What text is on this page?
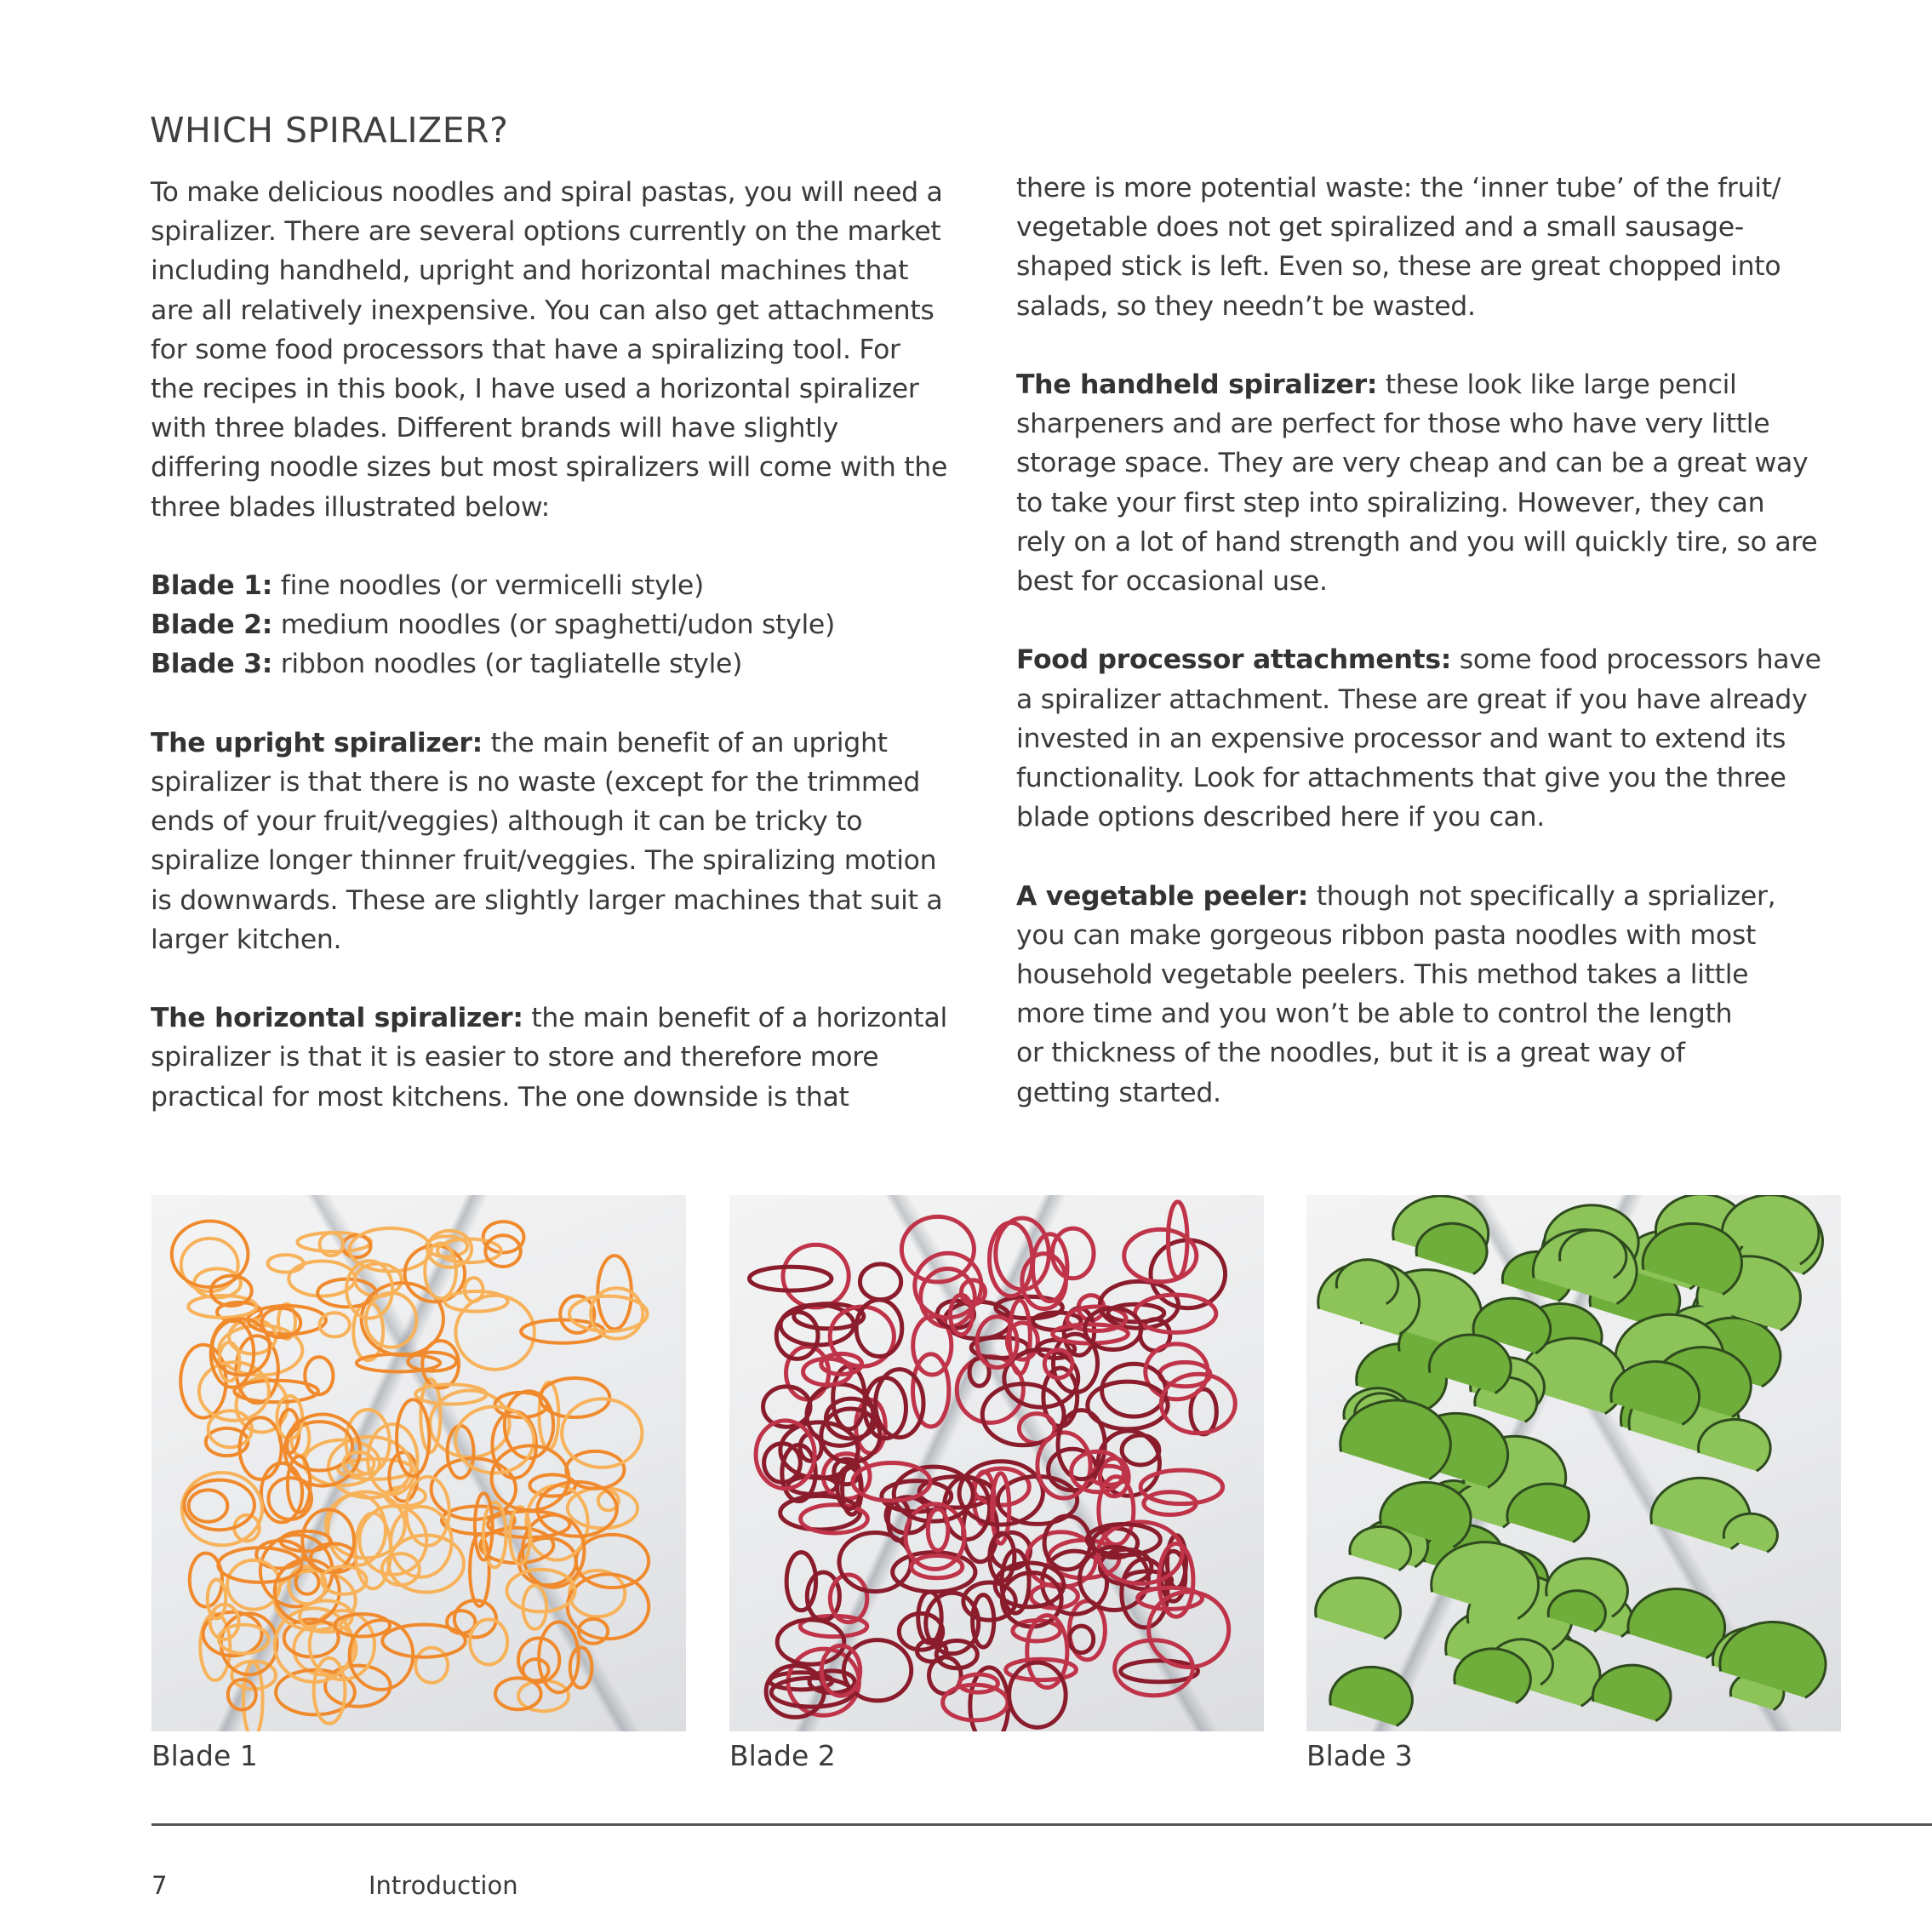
WHICH SPIRALIZER?
To make delicious noodles and spiral pastas, you will need a
spiralizer. There are several options currently on the market
including handheld, upright and horizontal machines that
are all relatively inexpensive. You can also get attachments
for some food processors that have a spiralizing tool. For
the recipes in this book, I have used a horizontal spiralizer
with three blades. Different brands will have slightly
differing noodle sizes but most spiralizers will come with the
three blades illustrated below:
Blade 1: fine noodles (or vermicelli style)
Blade 2: medium noodles (or spaghetti/udon style)
Blade 3: ribbon noodles (or tagliatelle style)
The upright spiralizer: the main benefit of an upright
spiralizer is that there is no waste (except for the trimmed
ends of your fruit/veggies) although it can be tricky to
spiralize longer thinner fruit/veggies. The spiralizing motion
is downwards. These are slightly larger machines that suit a
larger kitchen.
The horizontal spiralizer: the main benefit of a horizontal
spiralizer is that it is easier to store and therefore more
practical for most kitchens. The one downside is that
there is more potential waste: the ‘inner tube’ of the fruit/
vegetable does not get spiralized and a small sausage-
shaped stick is left. Even so, these are great chopped into
salads, so they needn’t be wasted.
The handheld spiralizer: these look like large pencil
sharpeners and are perfect for those who have very little
storage space. They are very cheap and can be a great way
to take your first step into spiralizing. However, they can
rely on a lot of hand strength and you will quickly tire, so are
best for occasional use.
Food processor attachments: some food processors have
a spiralizer attachment. These are great if you have already
invested in an expensive processor and want to extend its
functionality. Look for attachments that give you the three
blade options described here if you can.
A vegetable peeler: though not specifically a sprializer,
you can make gorgeous ribbon pasta noodles with most
household vegetable peelers. This method takes a little
more time and you won’t be able to control the length
or thickness of the noodles, but it is a great way of
getting started.
Blade 1	Blade 2	Blade 3
7	Introduction
